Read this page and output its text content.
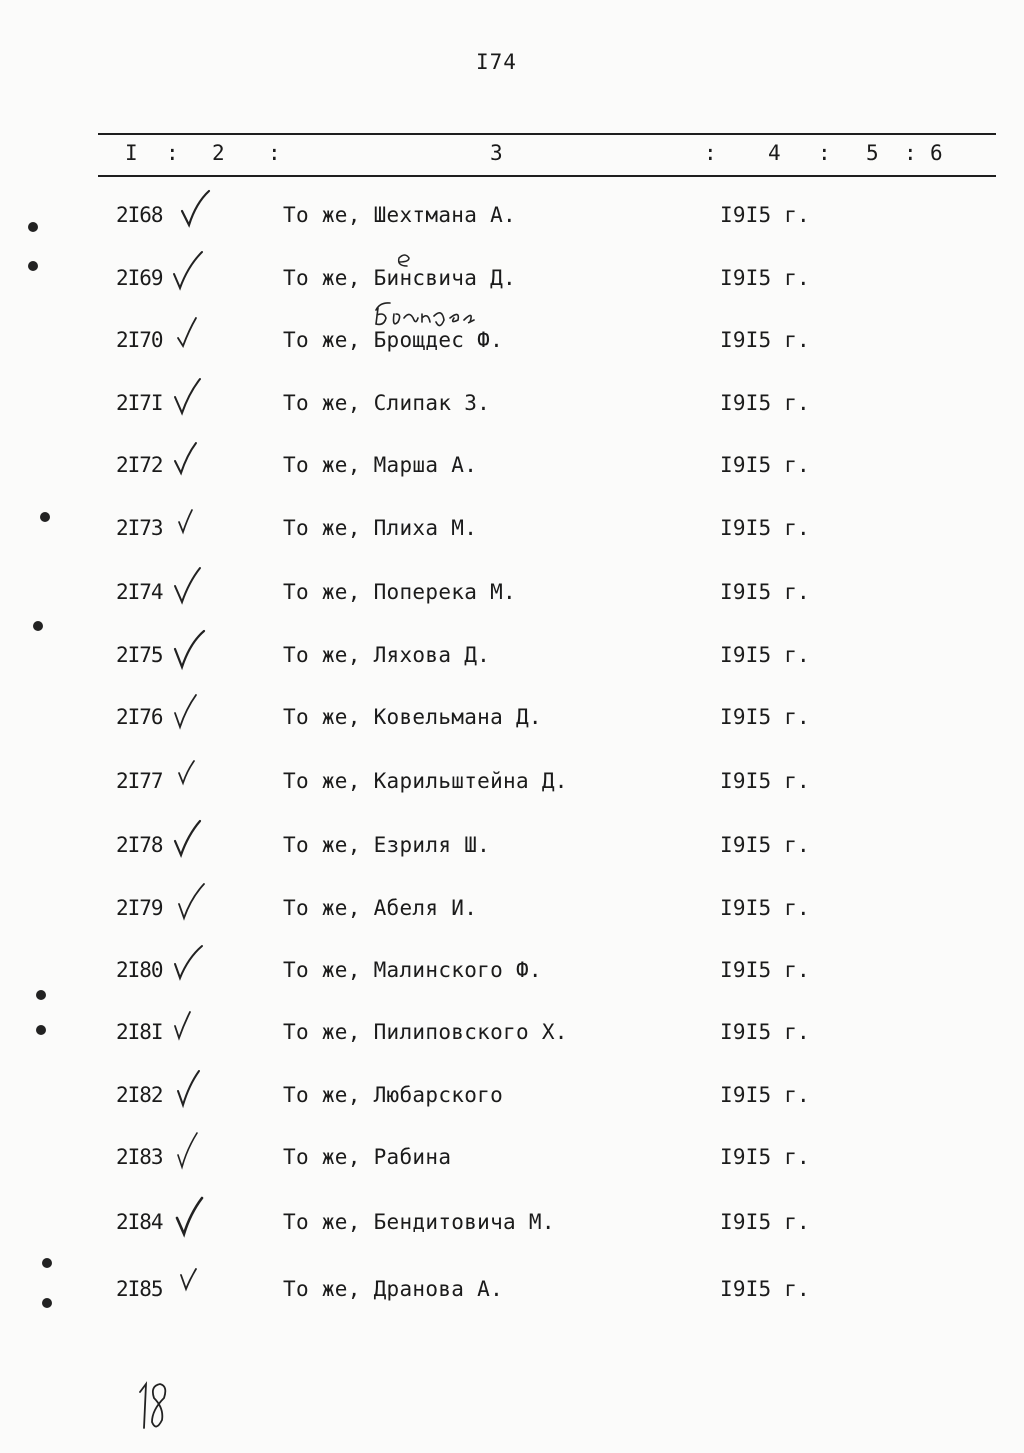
I74
I : 2 :	3	: 4 : 5 : 6
2I68	То же, Шехтмана А.	I9I5 г.
2I69	То же, Бинсвича Д.	I9I5 г.
2I70	То же, Брощдес Ф.	I9I5 г.
2I7I	То же, Слипак З.	I9I5 г.
2I72	То же, Марша А.	I9I5 г.
2I73	То же, Плиха М.	I9I5 г.
2I74	То же, Поперека М.	I9I5 г.
2I75	То же, Ляхова Д.	I9I5 г.
2I76	То же, Ковельмана Д.	I9I5 г.
2I77	То же, Карильштейна Д.	I9I5 г.
2I78	То же, Езриля Ш.	I9I5 г.
2I79	То же, Абеля И.	I9I5 г.
2I80	То же, Малинского Ф.	I9I5 г.
2I8I	То же, Пилиповского Х.	I9I5 г.
2I82	То же, Любарского	I9I5 г.
2I83	То же, Рабина	I9I5 г.
2I84	То же, Бендитовича М.	I9I5 г.
2I85	То же, Дранова А.	I9I5 г.
